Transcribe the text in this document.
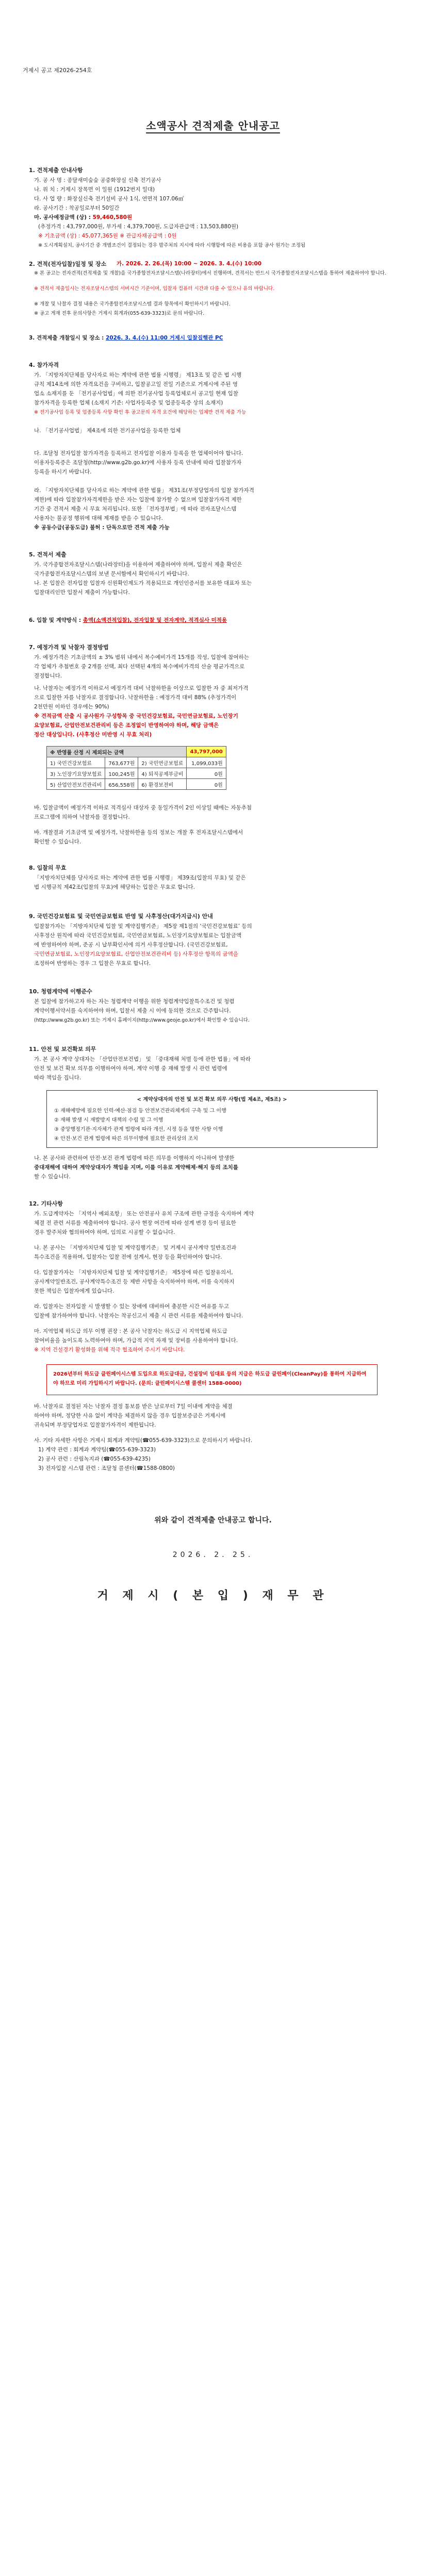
거제시 공고 제2026-254호
소액공사 견적제출 안내공고
1. 견적제출 안내사항
가. 공 사 명 : 종달새미숲숲 공중화장실 신축 전기공사
나. 위 치 : 거제시 장목면 이 일원 (1912번지 일대)
다. 사 업 량 : 화장실신축 전기설비 공사 1식, 연면적 107.06㎡
라. 공사기간 : 착공일로부터 50일간
마. 공사예정금액 (상) : 59,460,580원
(추정가격 : 43,797,000원, 부가세 : 4,379,700원, 도급자관급액 : 13,503,880원)
※ 기초금액 (상) : 45,077,365원 ※ 관급자재공급액 : 0원
※ 도시계획설치, 공사기간 중 개별조건이 결정되는 경우 발주처의 지시에 따라 시행함에 따른 비용을 포함 공사 원가는 조정됨
2. 견적(전자입찰)일정 및 장소 가. 2026. 2. 26.(목) 10:00 ~ 2026. 3. 4.(수) 10:00
※ 본 공고는 전자견적(견적제출 및 개찰)을 국가종합전자조달시스템(나라장터)에서 진행하며, 견적서는 반드시 국가종합전자조달시스템을 통하여 제출하여야 합니다.
※ 견적서 제출일시는 전자조달시스템의 서버시간 기준이며, 입찰자 컴퓨터 시간과 다를 수 있으니 유의 바랍니다.
※ 개찰 및 낙찰자 결정 내용은 국가종합전자조달시스템 결과 항목에서 확인하시기 바랍니다.
※ 공고 게재 전후 문의사항은 거제시 회계과(055-639-3323)로 문의 바랍니다.
3. 견적제출 개찰일시 및 장소 : 2026. 3. 4.(수) 11:00 거제시 입찰집행관 PC
4. 참가자격
가. 「지방자치단체를 당사자로 하는 계약에 관한 법률 시행령」 제13조 및 같은 법 시행
규칙 제14조에 의한 자격요건을 구비하고, 입찰공고일 전일 기준으로 거제시에 주된 영
업소 소재지를 둔 「전기공사업법」에 의한 전기공사업 등록업체로서 공고일 현재 입찰
참가자격을 등록한 업체 (소재지 기준: 사업자등록증 및 업종등록증 상의 소재지)
※ 전기공사업 등록 및 업종등록 사항 확인 후 공고문의 자격 요건에 해당하는 업체만 견적 제출 가능
나. 「전기공사업법」 제4조에 의한 전기공사업을 등록한 업체
다. 조달청 전자입찰 참가자격을 등록하고 전자입찰 이용자 등록을 한 업체이어야 합니다.
이용자등록증은 조달청(http://www.g2b.go.kr)에 사용자 등록 안내에 따라 입찰참가자
등록을 하시기 바랍니다.
라. 「지방자치단체를 당사자로 하는 계약에 관한 법률」 제31조(부정당업자의 입찰 참가자격
제한)에 따라 입찰참가자격제한을 받은 자는 입찰에 참가할 수 없으며 입찰참가자격 제한
기간 중 견적서 제출 시 무효 처리됩니다. 또한 「전자정부법」에 따라 전자조달시스템
사용자는 불공정 행위에 대해 제재를 받을 수 있습니다.
※ 공동수급(공동도급) 불허 : 단독으로만 견적 제출 가능
5. 견적서 제출
가. 국가종합전자조달시스템(나라장터)을 이용하여 제출하여야 하며, 입찰서 제출 확인은
국가종합전자조달시스템의 보낸 문서함에서 확인하시기 바랍니다.
나. 본 입찰은 전자입찰 입찰자 신원확인제도가 적용되므로 개인인증서를 보유한 대표자 또는
입찰대리인만 입찰서 제출이 가능합니다.
6. 입찰 및 계약방식 : 총액(소액견적입찰), 전자입찰 및 전자계약, 적격심사 미적용
7. 예정가격 및 낙찰자 결정방법
가. 예정가격은 기초금액의 ± 3% 범위 내에서 복수예비가격 15개를 작성, 입찰에 참여하는
각 업체가 추첨번호 중 2개를 선택, 최다 선택된 4개의 복수예비가격의 산술 평균가격으로
결정합니다.
나. 낙찰자는 예정가격 이하로서 예정가격 대비 낙찰하한율 이상으로 입찰한 자 중 최저가격
으로 입찰한 자를 낙찰자로 결정합니다. 낙찰하한율 : 예정가격 대비 88% (추정가격이
2천만원 이하인 경우에는 90%)
※ 견적금액 산출 시 공사원가 구성항목 중 국민건강보험료, 국민연금보험료, 노인장기
요양보험료, 산업안전보건관리비 등은 조정없이 반영하여야 하며, 해당 금액은
정산 대상입니다. (사후정산 미반영 시 무효 처리)
※ 반영률 산정 시 제외되는 금액			43,797,000
1) 국민건강보험료	763,677원	2) 국민연금보험료	1,099,033원
3) 노인장기요양보험료	100,245원	4) 퇴직공제부금비	0원
5) 산업안전보건관리비	656,558원	6) 환경보전비	0원
바. 입찰금액이 예정가격 이하로 적격심사 대상자 중 동일가격이 2인 이상일 때에는 자동추첨
프로그램에 의하여 낙찰자를 결정합니다.
바. 개찰결과 기초금액 및 예정가격, 낙찰하한율 등의 정보는 개찰 후 전자조달시스템에서
확인할 수 있습니다.
8. 입찰의 무효
「지방자치단체를 당사자로 하는 계약에 관한 법률 시행령」 제39조(입찰의 무효) 및 같은
법 시행규칙 제42조(입찰의 무효)에 해당하는 입찰은 무효로 합니다.
9. 국민건강보험료 및 국민연금보험료 반영 및 사후정산(대가지급시) 안내
입찰참가자는 「지방자치단체 입찰 및 계약집행기준」 제5장 제1절의 ‘국민건강보험료’ 등의
사후정산 원칙에 따라 국민건강보험료, 국민연금보험료, 노인장기요양보험료는 입찰금액
에 반영하여야 하며, 준공 시 납부확인서에 의거 사후정산합니다. (국민건강보험료,
국민연금보험료, 노인장기요양보험료, 산업안전보건관리비 등) 사후정산 항목의 금액을
조정하여 반영하는 경우 그 입찰은 무효로 합니다.
10. 청렴계약에 이행준수
본 입찰에 참가하고자 하는 자는 청렴계약 이행을 위한 청렴계약입찰특수조건 및 청렴
계약이행서약서를 숙지하여야 하며, 입찰서 제출 시 이에 동의한 것으로 간주합니다.
(http://www.g2b.go.kr) 또는 거제시 홈페이지(http://www.geoje.go.kr)에서 확인할 수 있습니다.
11. 안전 및 보건확보 의무
가. 본 공사 계약 상대자는 「산업안전보건법」 및 「중대재해 처벌 등에 관한 법률」에 따라
안전 및 보건 확보 의무를 이행하여야 하며, 계약 이행 중 재해 발생 시 관련 법령에
따라 책임을 집니다.
< 계약상대자의 안전 및 보건 확보 의무 사항(법 제4조, 제5조) >
① 재해예방에 필요한 인력·예산·점검 등 안전보건관리체계의 구축 및 그 이행
② 재해 발생 시 재발방지 대책의 수립 및 그 이행
③ 중앙행정기관·지자체가 관계 법령에 따라 개선, 시정 등을 명한 사항 이행
④ 안전·보건 관계 법령에 따른 의무이행에 필요한 관리상의 조치
나. 본 공사와 관련하여 안전·보건 관계 법령에 따른 의무를 이행하지 아니하여 발생한
중대재해에 대하여 계약상대자가 책임을 지며, 이를 이유로 계약해제·해지 등의 조치를
할 수 있습니다.
12. 기타사항
가. 도급계약자는 「지역사 예외조항」 또는 안전공사 유치 구조에 관한 규정을 숙지하여 계약
체결 전 관련 서류를 제출하여야 합니다. 공사 현장 여건에 따라 설계 변경 등이 필요한
경우 발주처와 협의하여야 하며, 임의로 시공할 수 없습니다.
나. 본 공사는 「지방자치단체 입찰 및 계약집행기준」 및 거제시 공사계약 일반조건과
특수조건을 적용하며, 입찰자는 입찰 전에 설계서, 현장 등을 확인하여야 합니다.
다. 입찰참가자는 「지방자치단체 입찰 및 계약집행기준」 제5장에 따른 입찰유의서,
공사계약일반조건, 공사계약특수조건 등 제반 사항을 숙지하여야 하며, 이를 숙지하지
못한 책임은 입찰자에게 있습니다.
라. 입찰자는 전자입찰 시 발생할 수 있는 장애에 대비하여 충분한 시간 여유를 두고
입찰에 참가하여야 합니다. 낙찰자는 착공신고서 제출 시 관련 서류를 제출하여야 합니다.
마. 지역업체 하도급 의무 이행 권장 : 본 공사 낙찰자는 하도급 시 지역업체 하도급
참여비율을 높이도록 노력하여야 하며, 가급적 지역 자재 및 장비를 사용하여야 합니다.
※ 지역 건설경기 활성화를 위해 적극 협조하여 주시기 바랍니다.
2026년부터 하도급 클린페이시스템 도입으로 하도급대금, 건설장비 임대료 등의 지급은 하도급 클린페이(CleanPay)를 통하여 지급하여야 하므로 미리 가입하시기 바랍니다. (문의: 클린페이시스템 콜센터 1588-0000)
바. 낙찰자로 결정된 자는 낙찰자 결정 통보를 받은 날로부터 7일 이내에 계약을 체결
하여야 하며, 정당한 사유 없이 계약을 체결하지 않을 경우 입찰보증금은 거제시에
귀속되며 부정당업자로 입찰참가자격이 제한됩니다.
사. 기타 자세한 사항은 거제시 회계과 계약팀(☎055-639-3323)으로 문의하시기 바랍니다.
1) 계약 관련 : 회계과 계약팀(☎055-639-3323)
2) 공사 관련 : 산림녹지과 (☎055-639-4235)
3) 전자입찰 시스템 관련 : 조달청 콜센터(☎1588-0800)
위와 같이 견적제출 안내공고 합니다.
2026. 2. 25.
거 제 시 ( 본 입 ) 재 무 관
